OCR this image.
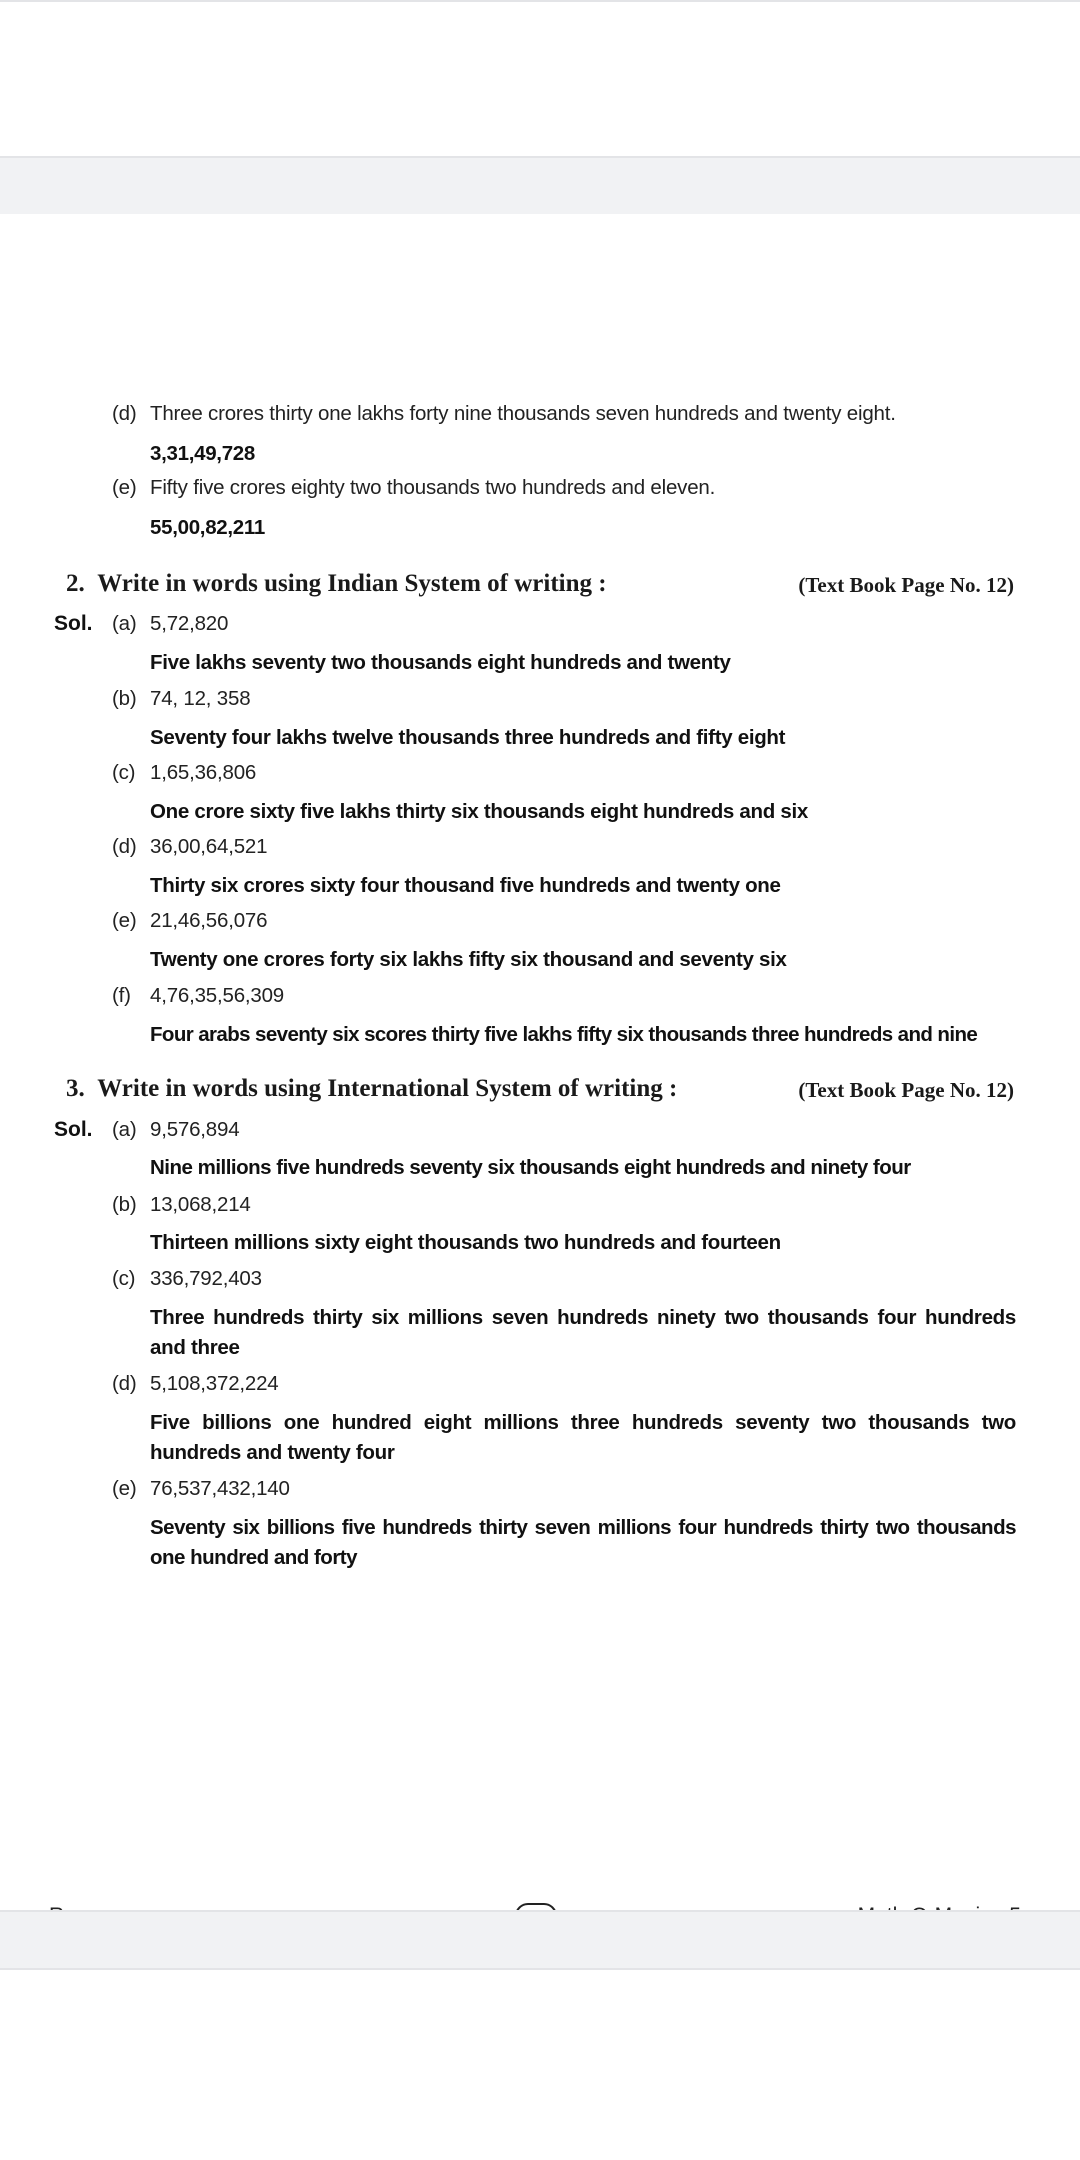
(d) Three crores thirty one lakhs forty nine thousands seven hundreds and twenty eight.
3,31,49,728
(e) Fifty five crores eighty two thousands two hundreds and eleven.
55,00,82,211
2. Write in words using Indian System of writing :	(Text Book Page No. 12)
Sol. (a) 5,72,820
Five lakhs seventy two thousands eight hundreds and twenty
(b) 74, 12, 358
Seventy four lakhs twelve thousands three hundreds and fifty eight
(c) 1,65,36,806
One crore sixty five lakhs thirty six thousands eight hundreds and six
(d) 36,00,64,521
Thirty six crores sixty four thousand five hundreds and twenty one
(e) 21,46,56,076
Twenty one crores forty six lakhs fifty six thousand and seventy six
(f) 4,76,35,56,309
Four arabs seventy six scores thirty five lakhs fifty six thousands three hundreds and nine
3. Write in words using International System of writing :	(Text Book Page No. 12)
Sol. (a) 9,576,894
Nine millions five hundreds seventy six thousands eight hundreds and ninety four
(b) 13,068,214
Thirteen millions sixty eight thousands two hundreds and fourteen
(c) 336,792,403
Three hundreds thirty six millions seven hundreds ninety two thousands four hundreds and three
(d) 5,108,372,224
Five billions one hundred eight millions three hundreds seventy two thousands two hundreds and twenty four
(e) 76,537,432,140
Seventy six billions five hundreds thirty seven millions four hundreds thirty two thousands one hundred and forty
